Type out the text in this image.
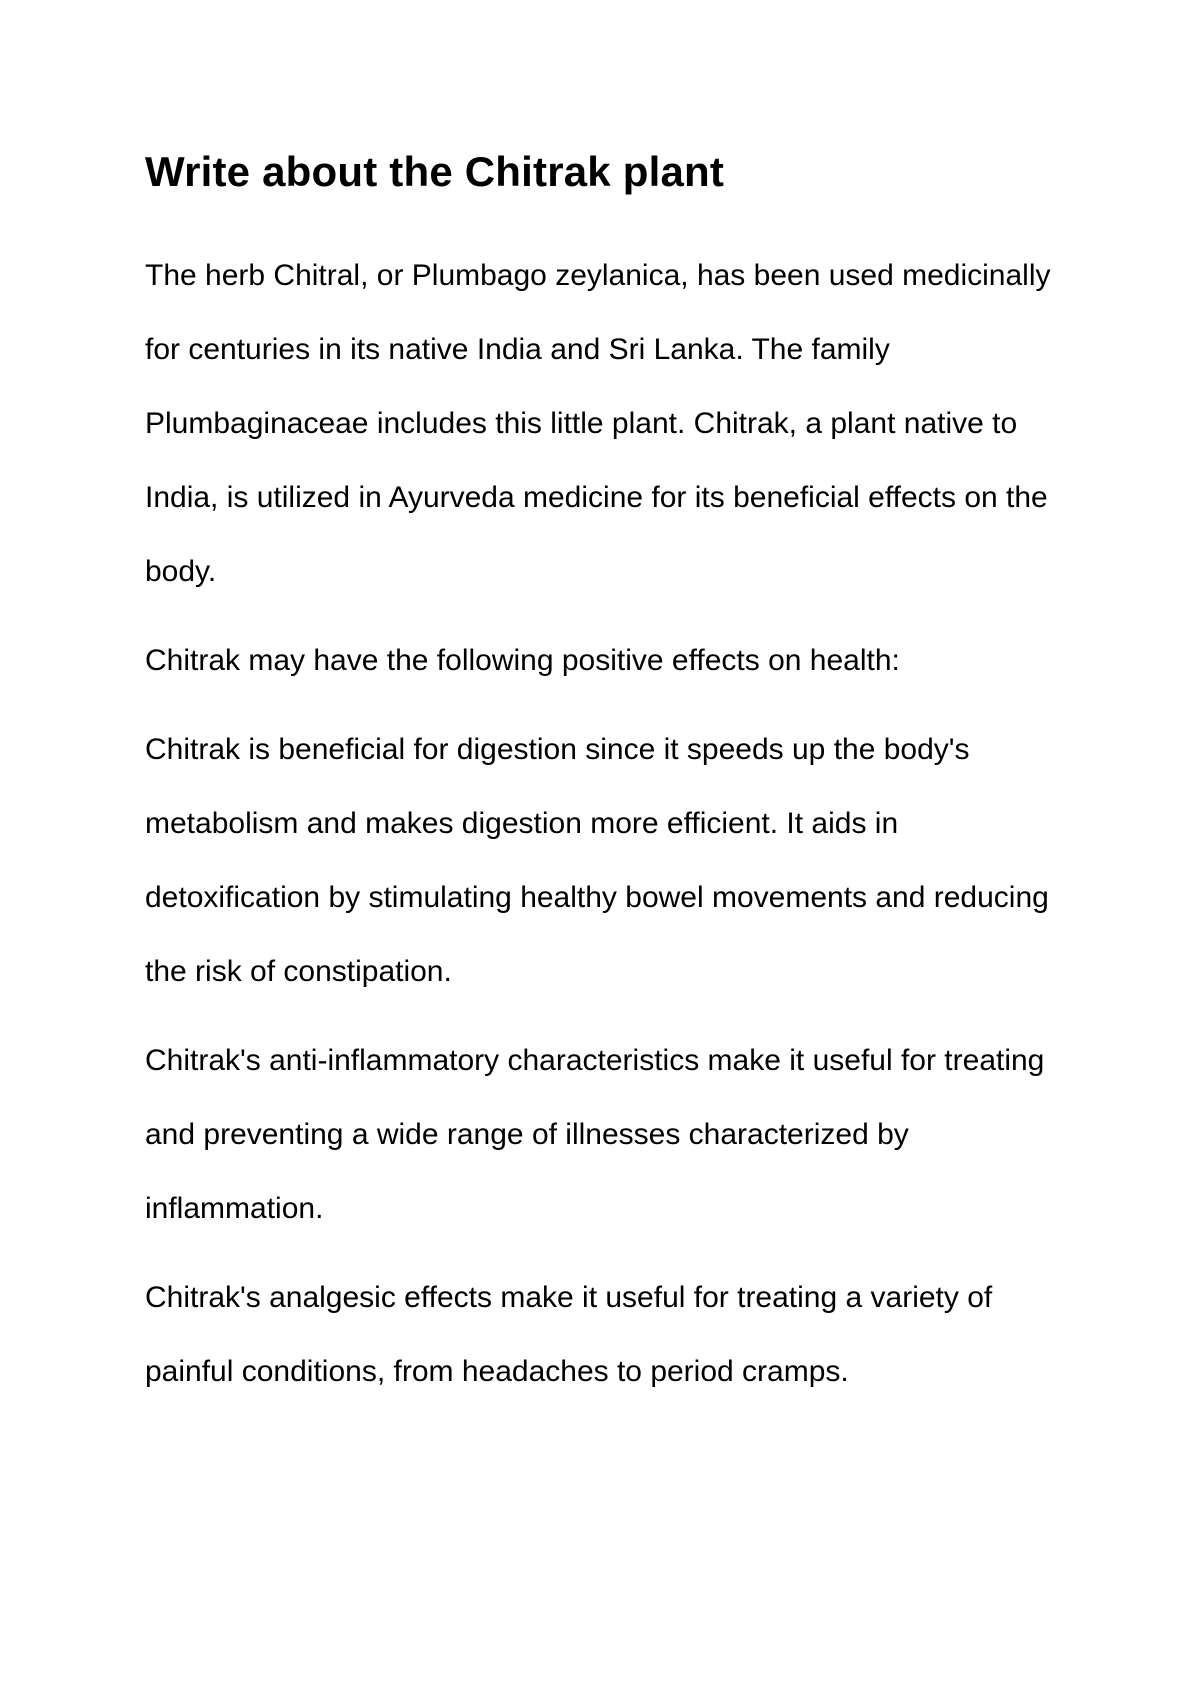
Write about the Chitrak plant

The herb Chitral, or Plumbago zeylanica, has been used medicinally for centuries in its native India and Sri Lanka. The family Plumbaginaceae includes this little plant. Chitrak, a plant native to India, is utilized in Ayurveda medicine for its beneficial effects on the body.

Chitrak may have the following positive effects on health:

Chitrak is beneficial for digestion since it speeds up the body's metabolism and makes digestion more efficient. It aids in detoxification by stimulating healthy bowel movements and reducing the risk of constipation.

Chitrak's anti-inflammatory characteristics make it useful for treating and preventing a wide range of illnesses characterized by inflammation.

Chitrak's analgesic effects make it useful for treating a variety of painful conditions, from headaches to period cramps.
